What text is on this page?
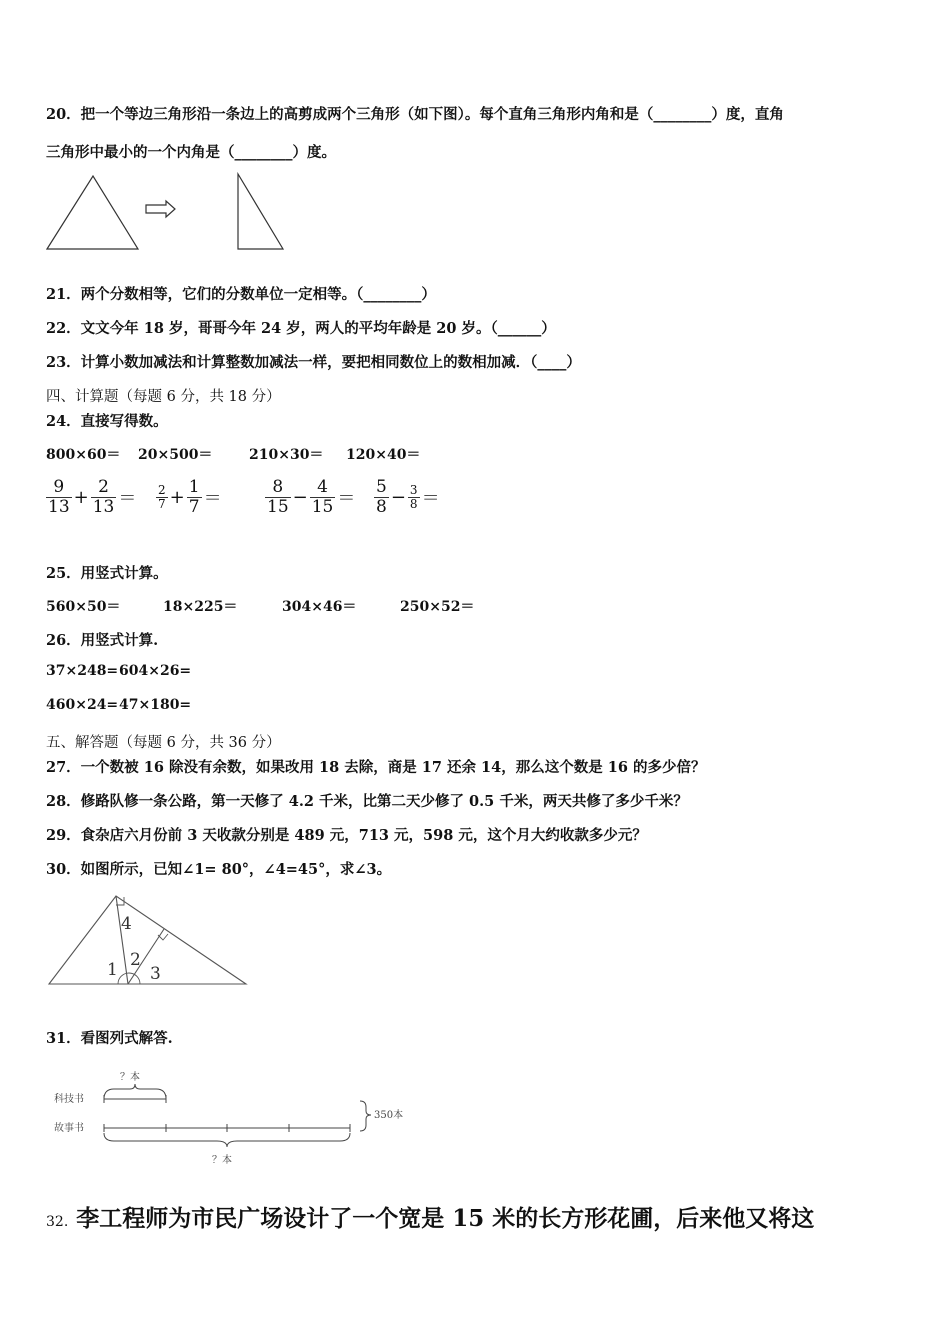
20．把一个等边三角形沿一条边上的高剪成两个三角形（如下图）。每个直角三角形内角和是（________）度，直角
三角形中最小的一个内角是（________）度。
21．两个分数相等，它们的分数单位一定相等。（________）
22．文文今年 18 岁，哥哥今年 24 岁，两人的平均年龄是 20 岁。（______）
23．计算小数加减法和计算整数加减法一样，要把相同数位上的数相加减．（____）
四、计算题（每题 6 分，共 18 分）
24．直接写得数。
800×60＝ 20×500＝	210×30＝ 120×40＝
$\frac{9}{13} + \frac{2}{13} = \frac{2}{7} + \frac{1}{7}$ ＝	$\frac{8}{15} - \frac{4}{15} = \frac{5}{8} - \frac{3}{8}$ ＝
25．用竖式计算。
560×50＝	18×225＝	304×46＝	250×52＝
26．用竖式计算.
37×248= 604×26=
460×24= 47×180=
五、解答题（每题 6 分，共 36 分）
27．一个数被 16 除没有余数，如果改用 18 去除，商是 17 还余 14，那么这个数是 16 的多少倍？
28．修路队修一条公路，第一天修了 4.2 千米，比第二天少修了 0.5 千米，两天共修了多少千米？
29．食杂店六月份前 3 天收款分别是 489 元，713 元，598 元，这个月大约收款多少元？
30．如图所示，已知∠1= 80°，∠4=45°，求∠3。
4
2
1 3
31．看图列式解答.
？本
科技书
故事书
？本
350本
32. 李工程师为市民广场设计了一个宽是 15 米的长方形花圃，后来他又将这
